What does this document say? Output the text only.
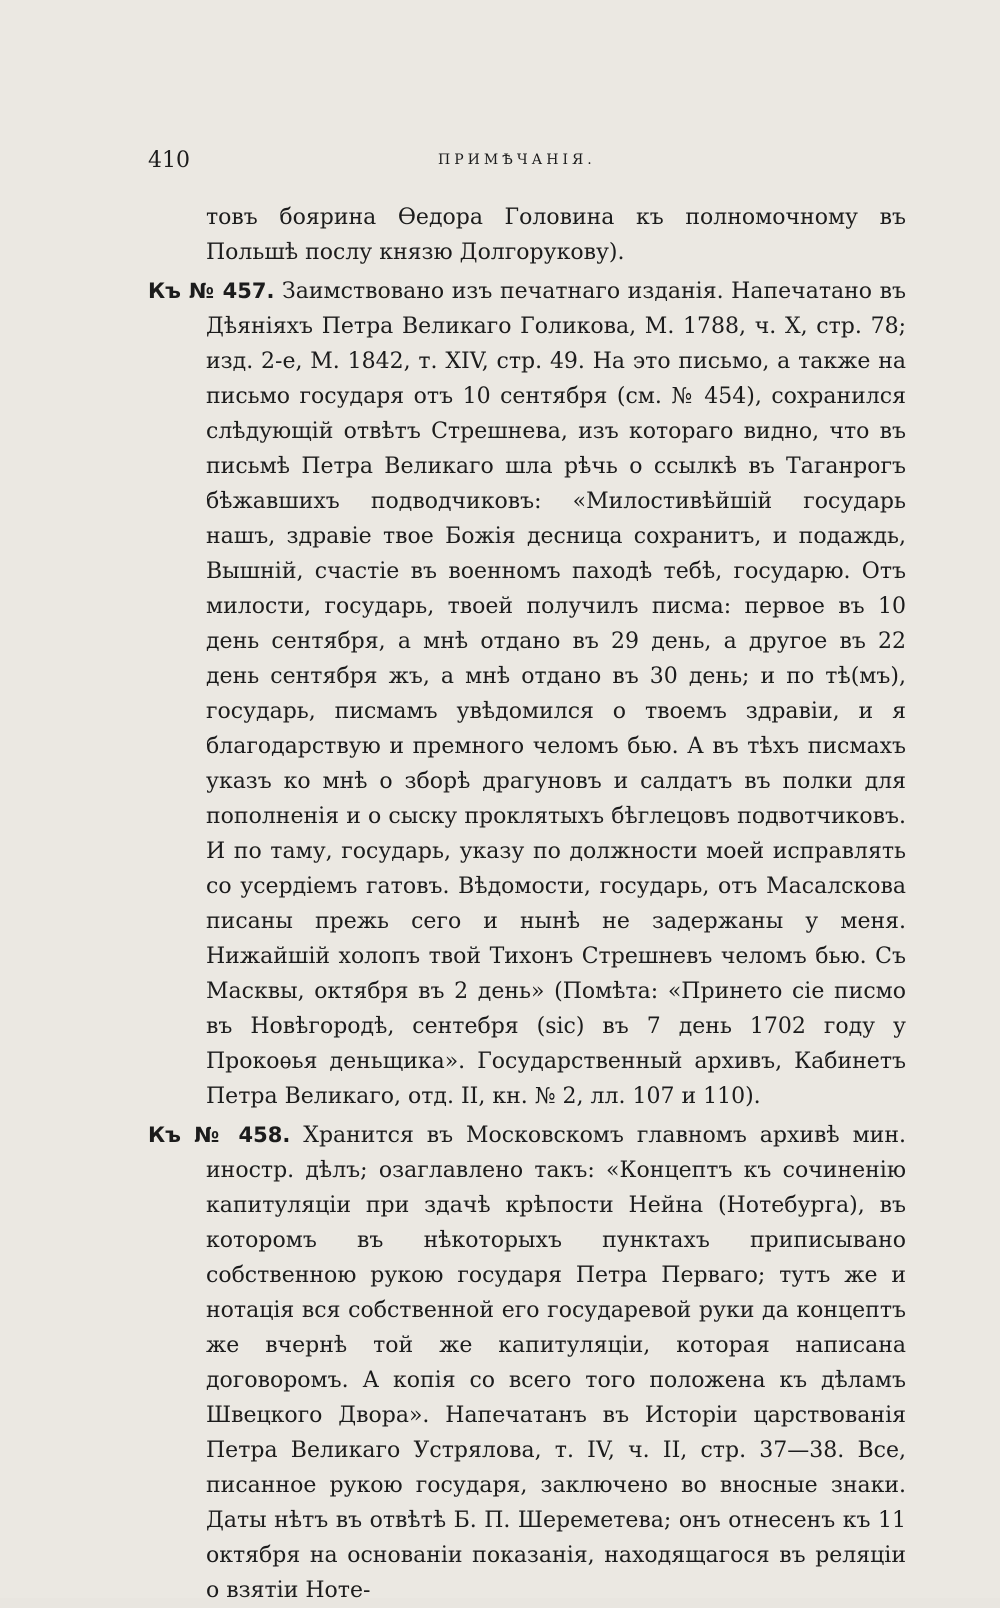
410	ПРИМѢЧАНІЯ.

товъ боярина Ѳедора Головина къ полномочному въ Польшѣ послу князю Долгорукову).

Къ № 457. Заимствовано изъ печатнаго изданія. Напечатано въ Дѣяніяхъ Петра Великаго Голикова, М. 1788, ч. X, стр. 78; изд. 2-е, М. 1842, т. XIV, стр. 49. На это письмо, а также на письмо государя отъ 10 сентября (см. № 454), сохранился слѣдующій отвѣтъ Стрешнева, изъ котораго видно, что въ письмѣ Петра Великаго шла рѣчь о ссылкѣ въ Таганрогъ бѣжавшихъ подводчиковъ: «Милостивѣйшій государь нашъ, здравіе твое Божія десница сохранитъ, и подаждь, Вышній, счастіе въ военномъ паходѣ тебѣ, государю. Отъ милости, государь, твоей получилъ писма: первое въ 10 день сентября, а мнѣ отдано въ 29 день, а другое въ 22 день сентября жъ, а мнѣ отдано въ 30 день; и по тѣ(мъ), государь, писмамъ увѣдомился о твоемъ здравіи, и я благодарствую и премного челомъ бью. А въ тѣхъ писмахъ указъ ко мнѣ о зборѣ драгуновъ и салдатъ въ полки для пополненія и о сыску проклятыхъ бѣглецовъ подвотчиковъ. И по таму, государь, указу по должности моей исправлять со усердіемъ гатовъ. Вѣдомости, государь, отъ Масалскова писаны прежь сего и нынѣ не задержаны у меня. Нижайшій холопъ твой Тихонъ Стрешневъ челомъ бью. Съ Масквы, октября въ 2 день» (Помѣта: «Принето сіе писмо въ Новѣгородѣ, сентебря (sic) въ 7 день 1702 году у Прокоѳья деньщика». Государственный архивъ, Кабинетъ Петра Великаго, отд. II, кн. № 2, лл. 107 и 110).

Къ № 458. Хранится въ Московскомъ главномъ архивѣ мин. иностр. дѣлъ; озаглавлено такъ: «Концептъ къ сочиненію капитуляціи при здачѣ крѣпости Нейна (Нотебурга), въ которомъ въ нѣкоторыхъ пунктахъ приписывано собственною рукою государя Петра Перваго; тутъ же и нотація вся собственной его государевой руки да концептъ же вчернѣ той же капитуляціи, которая написана договоромъ. А копія со всего того положена къ дѣламъ Швецкого Двора». Напечатанъ въ Исторіи царствованія Петра Великаго Устрялова, т. IV, ч. II, стр. 37—38. Все, писанное рукою государя, заключено во вносные знаки. Даты нѣтъ въ отвѣтѣ Б. П. Шереметева; онъ отнесенъ къ 11 октября на основаніи показанія, находящагося въ реляціи о взятіи Ноте-
